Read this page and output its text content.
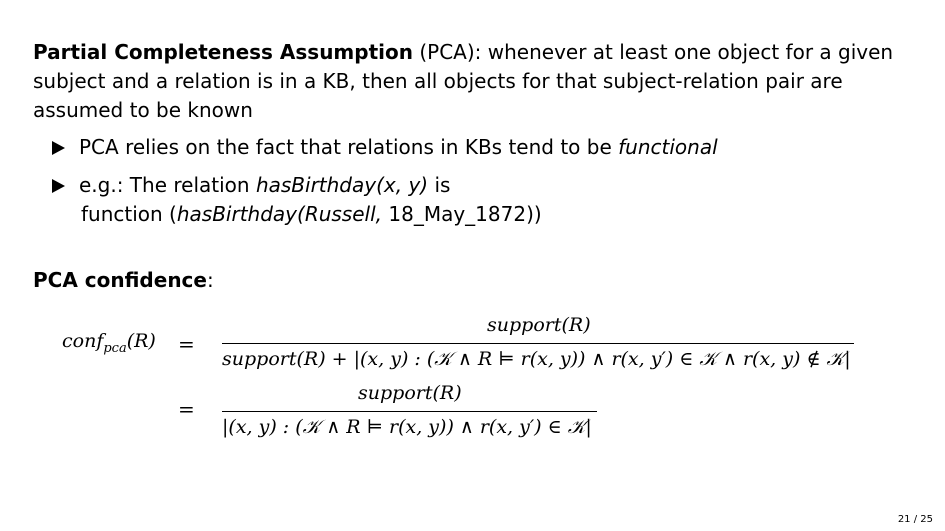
Partial Completeness Assumption (PCA): whenever at least one object for a given subject and a relation is in a KB, then all objects for that subject-relation pair are assumed to be known
PCA relies on the fact that relations in KBs tend to be functional
e.g.: The relation hasBirthday(x, y) is
function (hasBirthday(Russell, 18_May_1872))
PCA confidence:
conf$_{pca}$(R) =
support(R)
support(R) + |(x, y) : (𝒦 ∧ R ⊨ r(x, y)) ∧ r(x, y′) ∈ 𝒦 ∧ r(x, y) ∉ 𝒦|
=
support(R)
|(x, y) : (𝒦 ∧ R ⊨ r(x, y)) ∧ r(x, y′) ∈ 𝒦|
21 / 25
